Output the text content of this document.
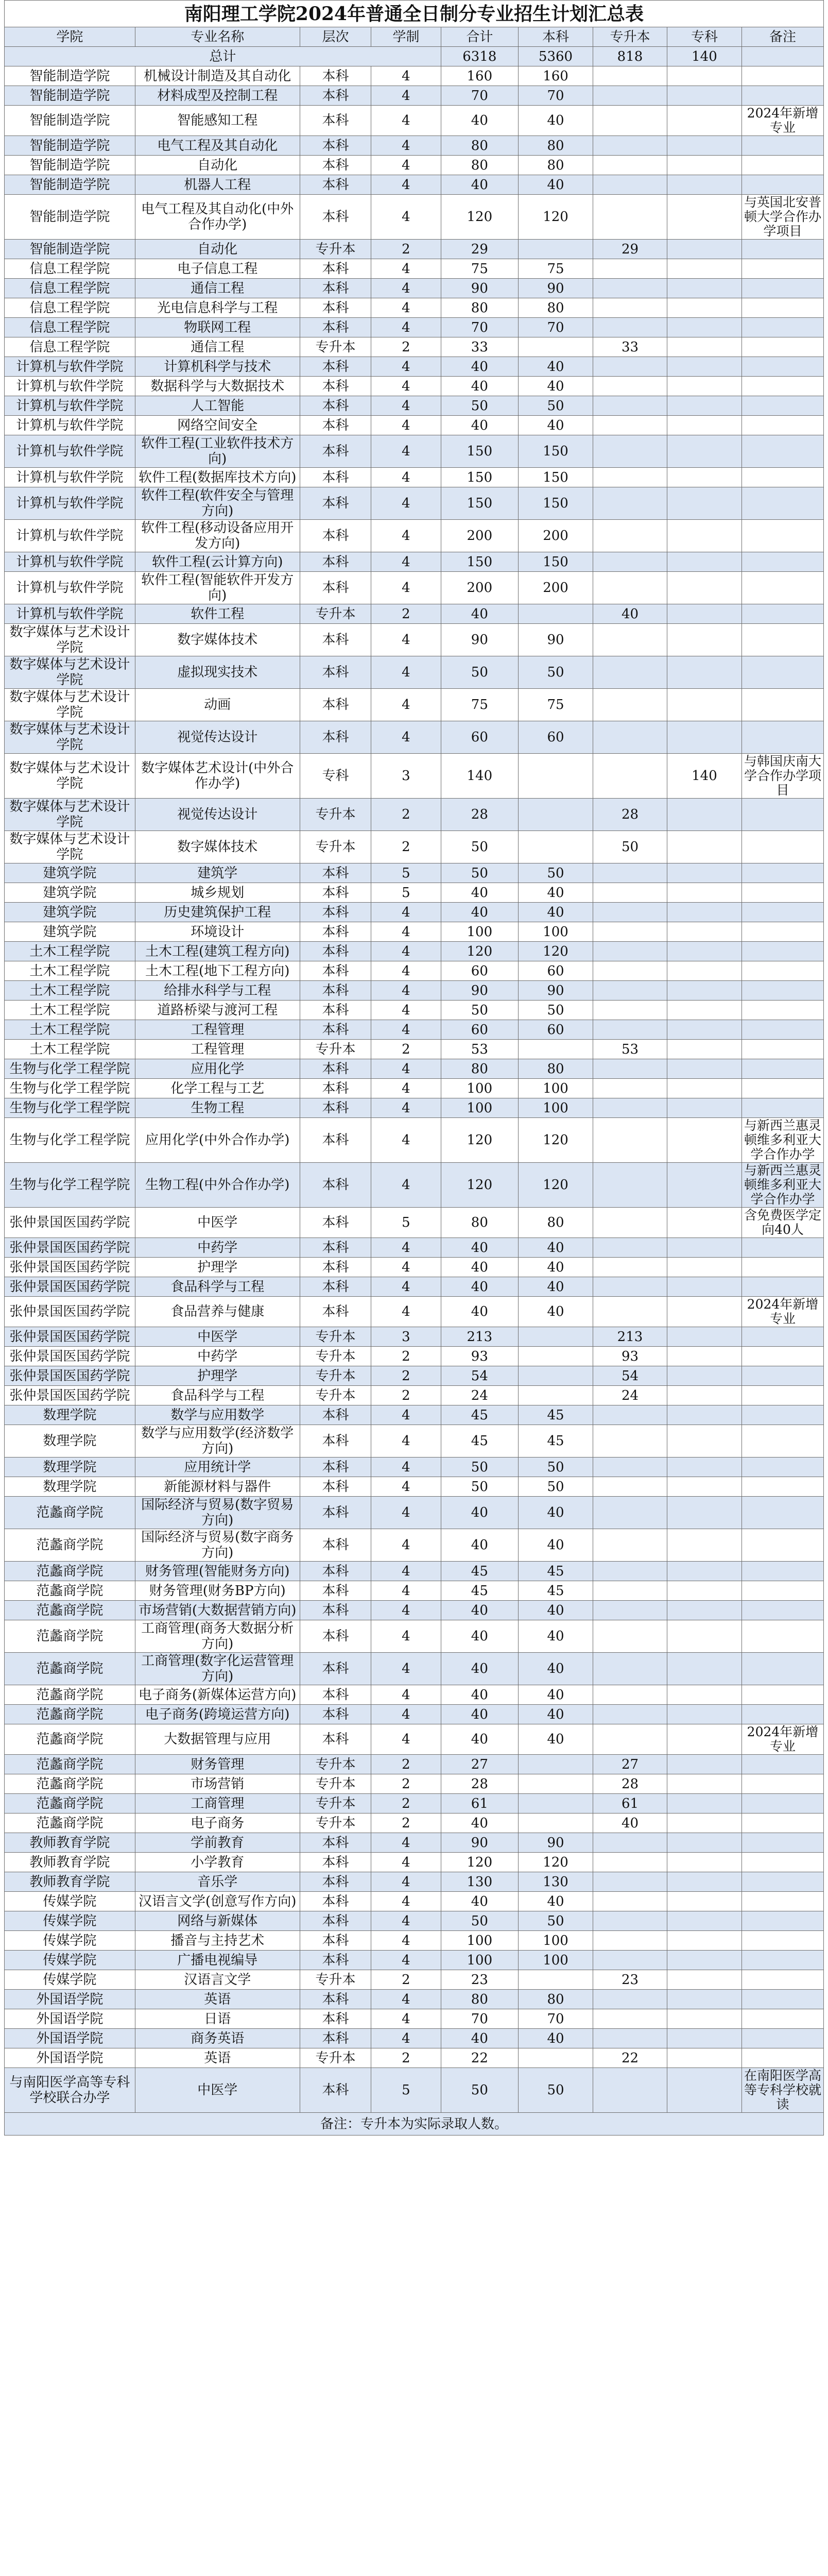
南阳理工学院2024年普通全日制分专业招生计划汇总表								
学院	专业名称	层次	学制	合计	本科	专升本	专科	备注
总计				6318	5360	818	140	
智能制造学院	机械设计制造及其自动化	本科	4	160	160			
智能制造学院	材料成型及控制工程	本科	4	70	70			
智能制造学院	智能感知工程	本科	4	40	40			2024年新增专业
智能制造学院	电气工程及其自动化	本科	4	80	80			
智能制造学院	自动化	本科	4	80	80			
智能制造学院	机器人工程	本科	4	40	40			
智能制造学院	电气工程及其自动化(中外合作办学)	本科	4	120	120			与英国北安普顿大学合作办学项目
智能制造学院	自动化	专升本	2	29		29		
信息工程学院	电子信息工程	本科	4	75	75			
信息工程学院	通信工程	本科	4	90	90			
信息工程学院	光电信息科学与工程	本科	4	80	80			
信息工程学院	物联网工程	本科	4	70	70			
信息工程学院	通信工程	专升本	2	33		33		
计算机与软件学院	计算机科学与技术	本科	4	40	40			
计算机与软件学院	数据科学与大数据技术	本科	4	40	40			
计算机与软件学院	人工智能	本科	4	50	50			
计算机与软件学院	网络空间安全	本科	4	40	40			
计算机与软件学院	软件工程(工业软件技术方向)	本科	4	150	150			
计算机与软件学院	软件工程(数据库技术方向)	本科	4	150	150			
计算机与软件学院	软件工程(软件安全与管理方向)	本科	4	150	150			
计算机与软件学院	软件工程(移动设备应用开发方向)	本科	4	200	200			
计算机与软件学院	软件工程(云计算方向)	本科	4	150	150			
计算机与软件学院	软件工程(智能软件开发方向)	本科	4	200	200			
计算机与软件学院	软件工程	专升本	2	40		40		
数字媒体与艺术设计学院	数字媒体技术	本科	4	90	90			
数字媒体与艺术设计学院	虚拟现实技术	本科	4	50	50			
数字媒体与艺术设计学院	动画	本科	4	75	75			
数字媒体与艺术设计学院	视觉传达设计	本科	4	60	60			
数字媒体与艺术设计学院	数字媒体艺术设计(中外合作办学)	专科	3	140			140	与韩国庆南大学合作办学项目
数字媒体与艺术设计学院	视觉传达设计	专升本	2	28		28		
数字媒体与艺术设计学院	数字媒体技术	专升本	2	50		50		
建筑学院	建筑学	本科	5	50	50			
建筑学院	城乡规划	本科	5	40	40			
建筑学院	历史建筑保护工程	本科	4	40	40			
建筑学院	环境设计	本科	4	100	100			
土木工程学院	土木工程(建筑工程方向)	本科	4	120	120			
土木工程学院	土木工程(地下工程方向)	本科	4	60	60			
土木工程学院	给排水科学与工程	本科	4	90	90			
土木工程学院	道路桥梁与渡河工程	本科	4	50	50			
土木工程学院	工程管理	本科	4	60	60			
土木工程学院	工程管理	专升本	2	53		53		
生物与化学工程学院	应用化学	本科	4	80	80			
生物与化学工程学院	化学工程与工艺	本科	4	100	100			
生物与化学工程学院	生物工程	本科	4	100	100			
生物与化学工程学院	应用化学(中外合作办学)	本科	4	120	120			与新西兰惠灵顿维多利亚大学合作办学
生物与化学工程学院	生物工程(中外合作办学)	本科	4	120	120			与新西兰惠灵顿维多利亚大学合作办学
张仲景国医国药学院	中医学	本科	5	80	80			含免费医学定向40人
张仲景国医国药学院	中药学	本科	4	40	40			
张仲景国医国药学院	护理学	本科	4	40	40			
张仲景国医国药学院	食品科学与工程	本科	4	40	40			
张仲景国医国药学院	食品营养与健康	本科	4	40	40			2024年新增专业
张仲景国医国药学院	中医学	专升本	3	213		213		
张仲景国医国药学院	中药学	专升本	2	93		93		
张仲景国医国药学院	护理学	专升本	2	54		54		
张仲景国医国药学院	食品科学与工程	专升本	2	24		24		
数理学院	数学与应用数学	本科	4	45	45			
数理学院	数学与应用数学(经济数学方向)	本科	4	45	45			
数理学院	应用统计学	本科	4	50	50			
数理学院	新能源材料与器件	本科	4	50	50			
范蠡商学院	国际经济与贸易(数字贸易方向)	本科	4	40	40			
范蠡商学院	国际经济与贸易(数字商务方向)	本科	4	40	40			
范蠡商学院	财务管理(智能财务方向)	本科	4	45	45			
范蠡商学院	财务管理(财务BP方向)	本科	4	45	45			
范蠡商学院	市场营销(大数据营销方向)	本科	4	40	40			
范蠡商学院	工商管理(商务大数据分析方向)	本科	4	40	40			
范蠡商学院	工商管理(数字化运营管理方向)	本科	4	40	40			
范蠡商学院	电子商务(新媒体运营方向)	本科	4	40	40			
范蠡商学院	电子商务(跨境运营方向)	本科	4	40	40			
范蠡商学院	大数据管理与应用	本科	4	40	40			2024年新增专业
范蠡商学院	财务管理	专升本	2	27		27		
范蠡商学院	市场营销	专升本	2	28		28		
范蠡商学院	工商管理	专升本	2	61		61		
范蠡商学院	电子商务	专升本	2	40		40		
教师教育学院	学前教育	本科	4	90	90			
教师教育学院	小学教育	本科	4	120	120			
教师教育学院	音乐学	本科	4	130	130			
传媒学院	汉语言文学(创意写作方向)	本科	4	40	40			
传媒学院	网络与新媒体	本科	4	50	50			
传媒学院	播音与主持艺术	本科	4	100	100			
传媒学院	广播电视编导	本科	4	100	100			
传媒学院	汉语言文学	专升本	2	23		23		
外国语学院	英语	本科	4	80	80			
外国语学院	日语	本科	4	70	70			
外国语学院	商务英语	本科	4	40	40			
外国语学院	英语	专升本	2	22		22		
与南阳医学高等专科学校联合办学	中医学	本科	5	50	50			在南阳医学高等专科学校就读
备注：专升本为实际录取人数。								
